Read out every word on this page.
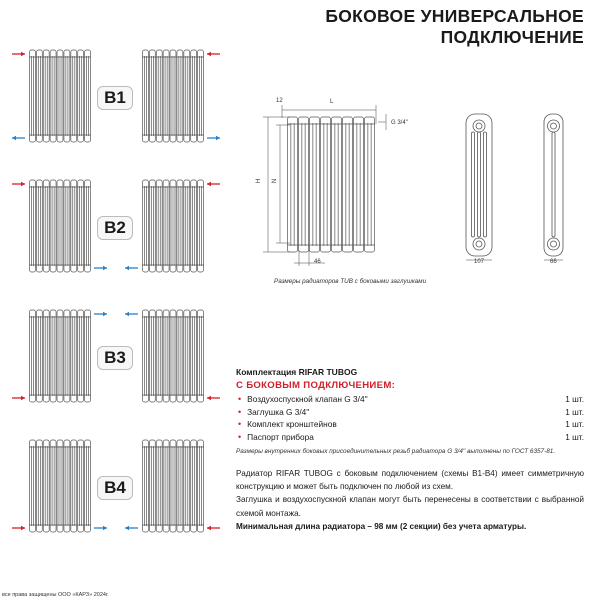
БОКОВОЕ УНИВЕРСАЛЬНОЕ
ПОДКЛЮЧЕНИЕ
B1
B2
B3
B4
12	L
G 3/4''
H N
46	107	66
Размеры радиаторов TUB с боковыми заглушками
Комплектация RIFAR TUBOG
С БОКОВЫМ ПОДКЛЮЧЕНИЕМ:
• Воздухоспускной клапан G 3/4''	1 шт.
• Заглушка G 3/4''	1 шт.
• Комплект кронштейнов	1 шт.
• Паспорт прибора	1 шт.
Размеры внутренних боковых присоединительных резьб радиатора G 3/4'' выполнены по ГОСТ 6357-81.
Радиатор RIFAR TUBOG с боковым подключением (схемы B1-B4) имеет симметричную конструкцию и может быть подключен по любой из схем.
Заглушка и воздухоспускной клапан могут быть перенесены в соответствии с выбранной схемой монтажа.
Минимальная длина радиатора – 98 мм (2 секции) без учета арматуры.
все права защищены ООО «КАРЗ» 2024г.
